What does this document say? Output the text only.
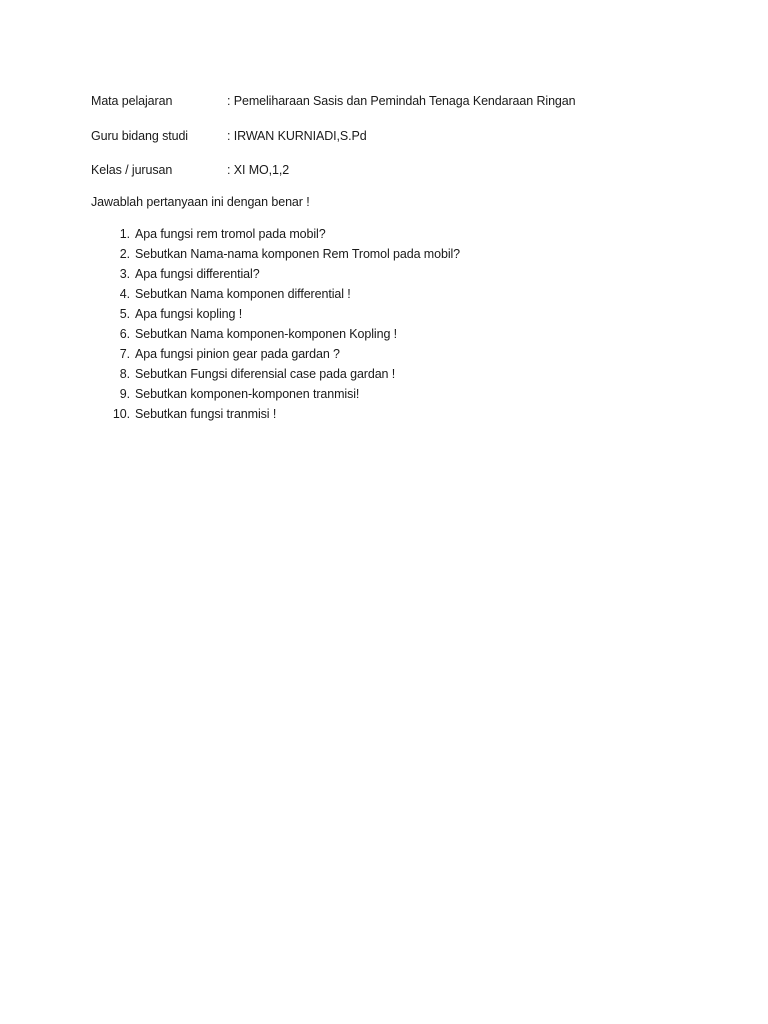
Mata pelajaran	: Pemeliharaan Sasis dan Pemindah Tenaga Kendaraan Ringan
Guru bidang studi	: IRWAN KURNIADI,S.Pd
Kelas / jurusan	: XI MO,1,2
Jawablah pertanyaan ini dengan benar !
1. Apa fungsi rem tromol pada mobil?
2. Sebutkan Nama-nama komponen Rem Tromol pada mobil?
3. Apa fungsi differential?
4. Sebutkan Nama komponen differential !
5. Apa fungsi kopling !
6. Sebutkan Nama komponen-komponen Kopling !
7. Apa fungsi pinion gear pada gardan ?
8. Sebutkan Fungsi diferensial case pada gardan !
9. Sebutkan komponen-komponen tranmisi!
10. Sebutkan fungsi tranmisi !
